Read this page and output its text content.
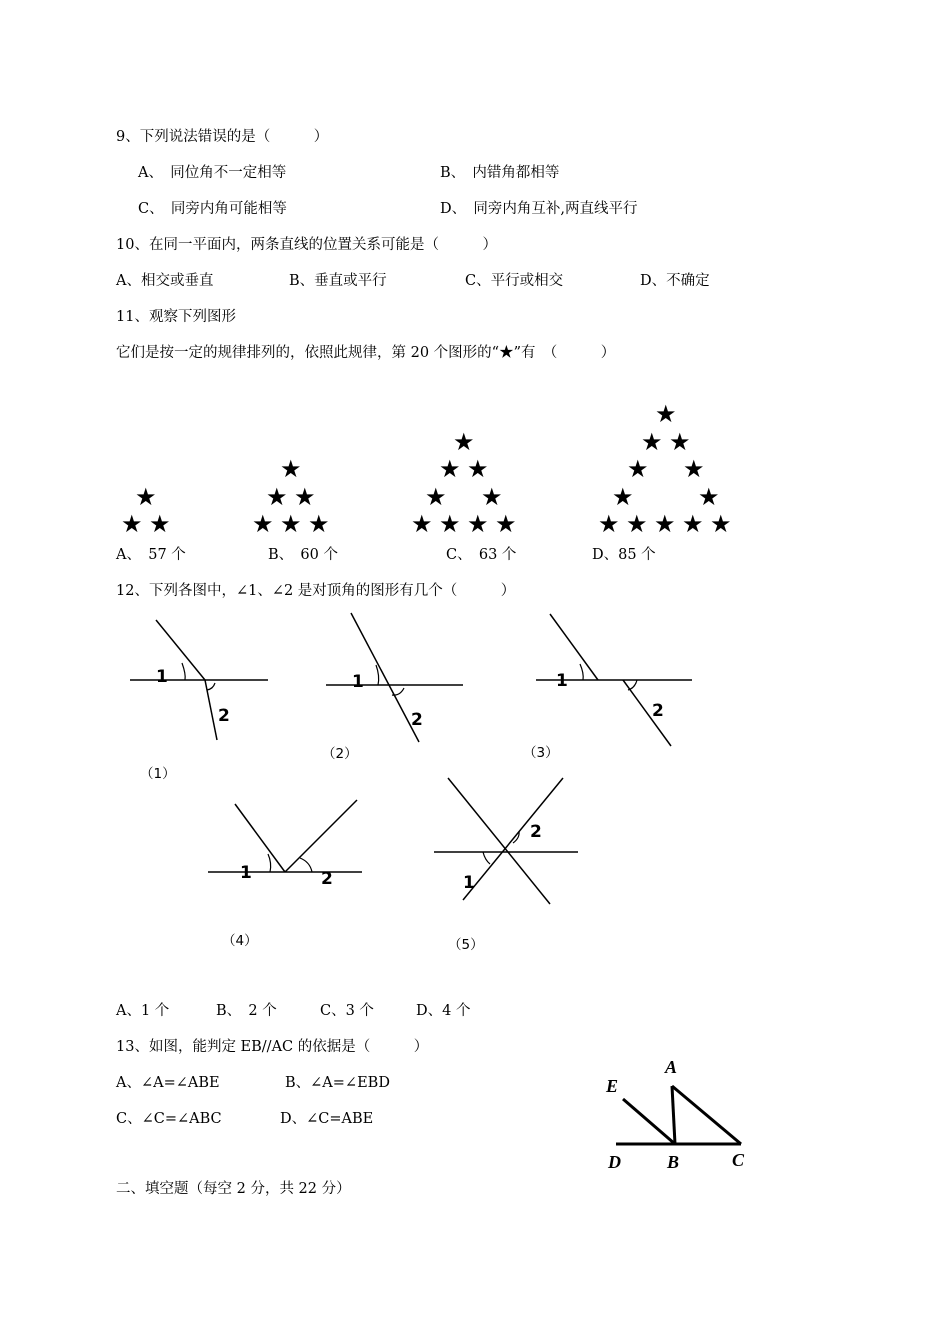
9、下列说法错误的是（　　　）
A、　同位角不一定相等	B、　内错角都相等
C、　同旁内角可能相等	D、　同旁内角互补,两直线平行
10、在同一平面内，两条直线的位置关系可能是（　　　）
A、相交或垂直	B、垂直或平行	C、平行或相交	D、不确定
11、观察下列图形
它们是按一定的规律排列的，依照此规律，第 20 个图形的“★”有　（　　　）
★
★ ★
★
★ ★
★ ★ ★
★
★ ★
★ ★
★ ★ ★ ★
★
★ ★
★ ★
★	★
★ ★ ★ ★ ★
A、　57 个	B、　60 个	C、　63 个	D、85 个
12、下列各图中，∠1、∠2 是对顶角的图形有几个（　　　）
1
2
（1）
1
2
（2）
1
2
（3）
1	2
（4）
1
2
（5）
A、1 个	B、　2 个	C、3 个	D、4 个
13、如图，能判定 EB//AC 的依据是（　　　）
A、∠A=∠ABE	B、∠A=∠EBD
C、∠C=∠ABC	D、∠C=ABE
E
A
D	B	C
二、填空题（每空 2 分，共 22 分）
